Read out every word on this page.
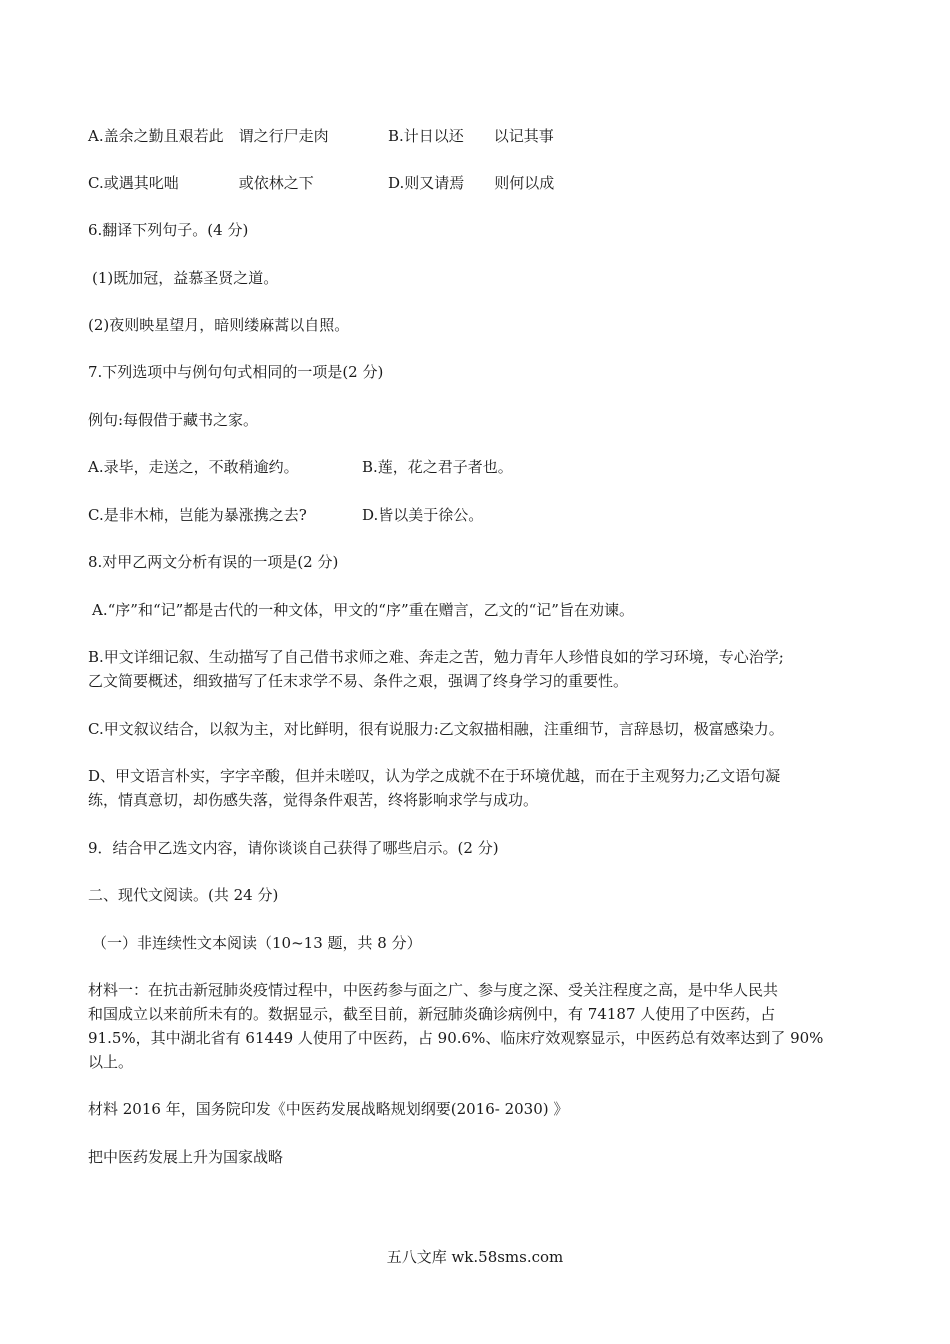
A.盖余之勤且艰若此　谓之行尸走肉	B.计日以还　　以记其事
C.或遇其叱咄　　　　或依林之下	D.则又请焉　　则何以成
6.翻译下列句子。(4 分)
(1)既加冠，益慕圣贤之道。
(2)夜则映星望月，暗则缕麻蒿以自照。
7.下列选项中与例句句式相同的一项是(2 分)
例句:每假借于藏书之家。
A.录毕，走送之，不敢稍逾约。	B.莲，花之君子者也。
C.是非木柿，岂能为暴涨携之去?	D.皆以美于徐公。
8.对甲乙两文分析有误的一项是(2 分)
A.“序”和“记”都是古代的一种文体，甲文的“序”重在赠言，乙文的“记”旨在劝谏。
B.甲文详细记叙、生动描写了自己借书求师之难、奔走之苦，勉力青年人珍惜良如的学习环境，专心治学;
乙文简要概述，细致描写了任末求学不易、条件之艰，强调了终身学习的重要性。
C.甲文叙议结合，以叙为主，对比鲜明，很有说服力:乙文叙描相融，注重细节，言辞恳切，极富感染力。
D、甲文语言朴实，字字辛酸，但并未嗟叹，认为学之成就不在于环境优越，而在于主观努力;乙文语句凝
练，情真意切，却伤感失落，觉得条件艰苦，终将影响求学与成功。
9．结合甲乙选文内容，请你谈谈自己获得了哪些启示。(2 分)
二、现代文阅读。(共 24 分)
（一）非连续性文本阅读（10~13 题，共 8 分）
材料一：在抗击新冠肺炎疫情过程中，中医药参与面之广、参与度之深、受关注程度之高，是中华人民共
和国成立以来前所未有的。数据显示，截至目前，新冠肺炎确诊病例中，有 74187 人使用了中医药，占
91.5%，其中湖北省有 61449 人使用了中医药，占 90.6%、临床疗效观察显示，中医药总有效率达到了 90%
以上。
材料 2016 年，国务院印发《中医药发展战略规划纲要(2016- 2030) 》
把中医药发展上升为国家战略
五八文库 wk.58sms.com
